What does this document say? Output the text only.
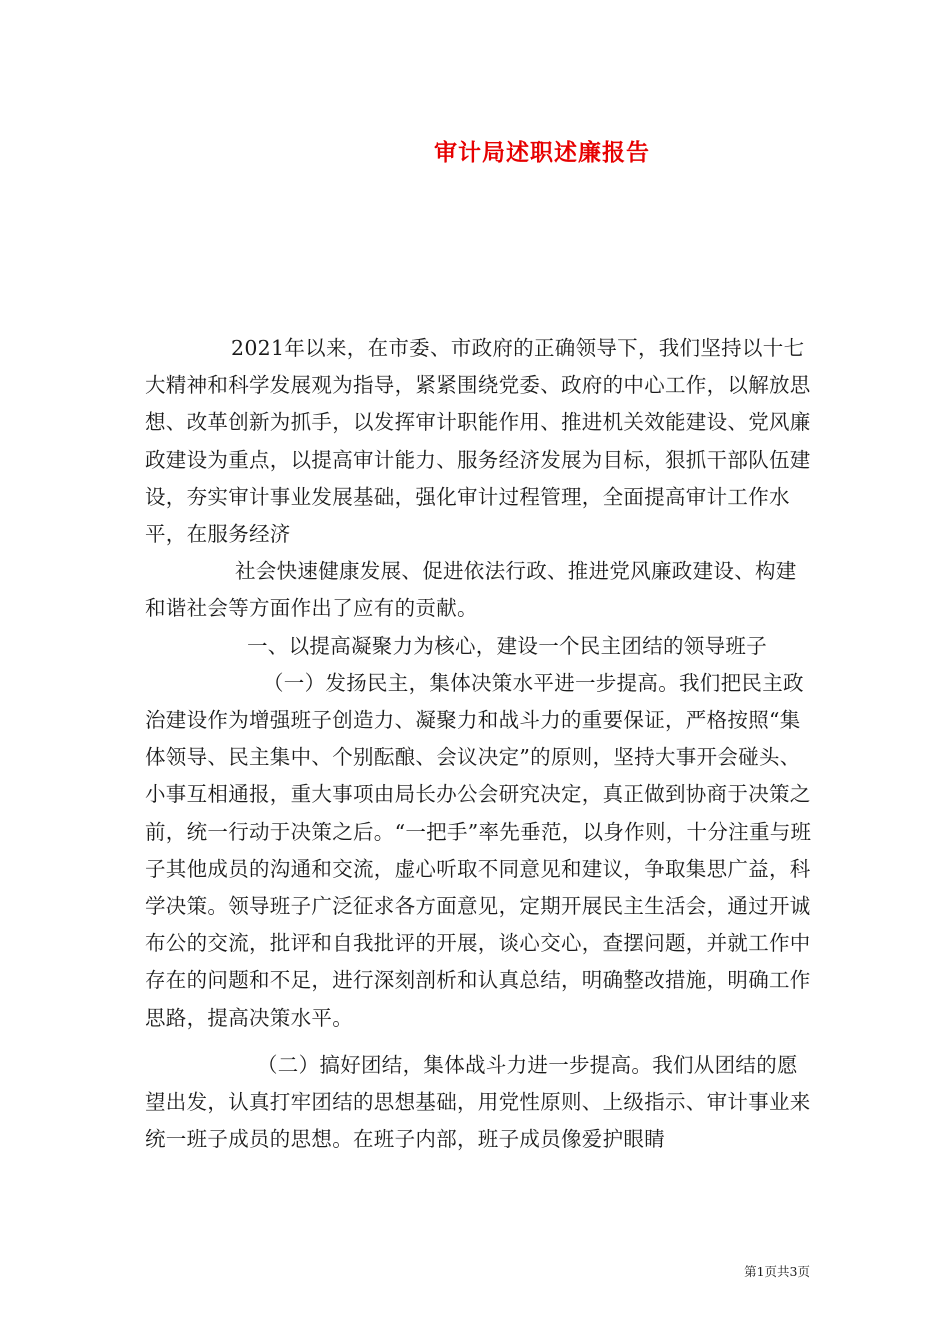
审计局述职述廉报告

2021年以来，在市委、市政府的正确领导下，我们坚持以十七大精神和科学发展观为指导，紧紧围绕党委、政府的中心工作，以解放思想、改革创新为抓手，以发挥审计职能作用、推进机关效能建设、党风廉政建设为重点，以提高审计能力、服务经济发展为目标，狠抓干部队伍建设，夯实审计事业发展基础，强化审计过程管理，全面提高审计工作水平，在服务经济

社会快速健康发展、促进依法行政、推进党风廉政建设、构建和谐社会等方面作出了应有的贡献。

一、以提高凝聚力为核心，建设一个民主团结的领导班子

（一）发扬民主，集体决策水平进一步提高。我们把民主政治建设作为增强班子创造力、凝聚力和战斗力的重要保证，严格按照“集体领导、民主集中、个别酝酿、会议决定”的原则，坚持大事开会碰头、小事互相通报，重大事项由局长办公会研究决定，真正做到协商于决策之前，统一行动于决策之后。“一把手”率先垂范，以身作则，十分注重与班子其他成员的沟通和交流，虚心听取不同意见和建议，争取集思广益，科学决策。领导班子广泛征求各方面意见，定期开展民主生活会，通过开诚布公的交流，批评和自我批评的开展，谈心交心，查摆问题，并就工作中存在的问题和不足，进行深刻剖析和认真总结，明确整改措施，明确工作思路，提高决策水平。

（二）搞好团结，集体战斗力进一步提高。我们从团结的愿望出发，认真打牢团结的思想基础，用党性原则、上级指示、审计事业来统一班子成员的思想。在班子内部，班子成员像爱护眼睛

第1页共3页
